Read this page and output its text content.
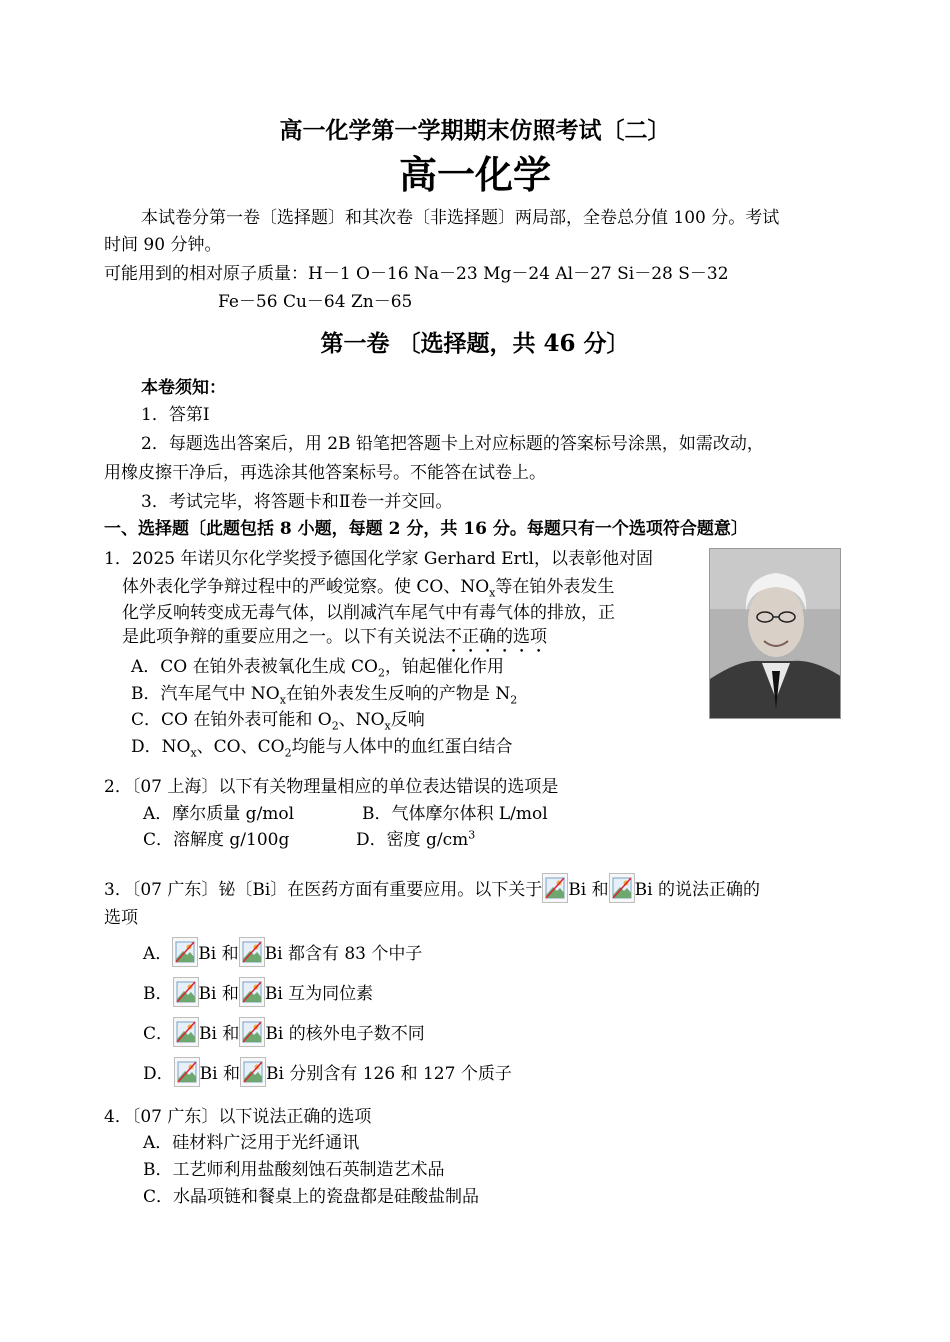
高一化学第一学期期末仿照考试〔二〕
高一化学
本试卷分第一卷〔选择题〕和其次卷〔非选择题〕两局部，全卷总分值 100 分。考试
时间 90 分钟。
可能用到的相对原子质量：H－1 O－16 Na－23 Mg－24 Al－27 Si－28 S－32
Fe－56 Cu－64 Zn－65
第一卷 〔选择题，共 46 分〕
本卷须知：
1．答第Ⅰ
2．每题选出答案后，用 2B 铅笔把答题卡上对应标题的答案标号涂黑，如需改动，
用橡皮擦干净后，再选涂其他答案标号。不能答在试卷上。
3．考试完毕，将答题卡和Ⅱ卷一并交回。
一、选择题〔此题包括 8 小题，每题 2 分，共 16 分。每题只有一个选项符合题意〕
1．2025 年诺贝尔化学奖授予德国化学家 Gerhard Ertl，以表彰他对固
体外表化学争辩过程中的严峻觉察。使 CO、$NO_x$等在铂外表发生
化学反响转变成无毒气体，以削减汽车尾气中有毒气体的排放，正
是此项争辩的重要应用之一。以下有关说法不正确的选项
A．CO 在铂外表被氧化生成 $CO_2$，铂起催化作用
B．汽车尾气中 $NO_x$在铂外表发生反响的产物是 $N_2$
C．CO 在铂外表可能和 $O_2$、$NO_x$反响
D．$NO_x$、CO、$CO_2$均能与人体中的血红蛋白结合
2．〔07 上海〕以下有关物理量相应的单位表达错误的选项是
A．摩尔质量 g/mol	B．气体摩尔体积 L/mol
C．溶解度 g/100g	D．密度 $g/cm^3$
3．〔07 广东〕铋〔Bi〕在医药方面有重要应用。以下关于 Bi 和 Bi 的说法正确的
选项
A． Bi 和 Bi 都含有 83 个中子
B． Bi 和 Bi 互为同位素
C． Bi 和 Bi 的核外电子数不同
D． Bi 和 Bi 分别含有 126 和 127 个质子
4．〔07 广东〕以下说法正确的选项
A．硅材料广泛用于光纤通讯
B．工艺师利用盐酸刻蚀石英制造艺术品
C．水晶项链和餐桌上的瓷盘都是硅酸盐制品
